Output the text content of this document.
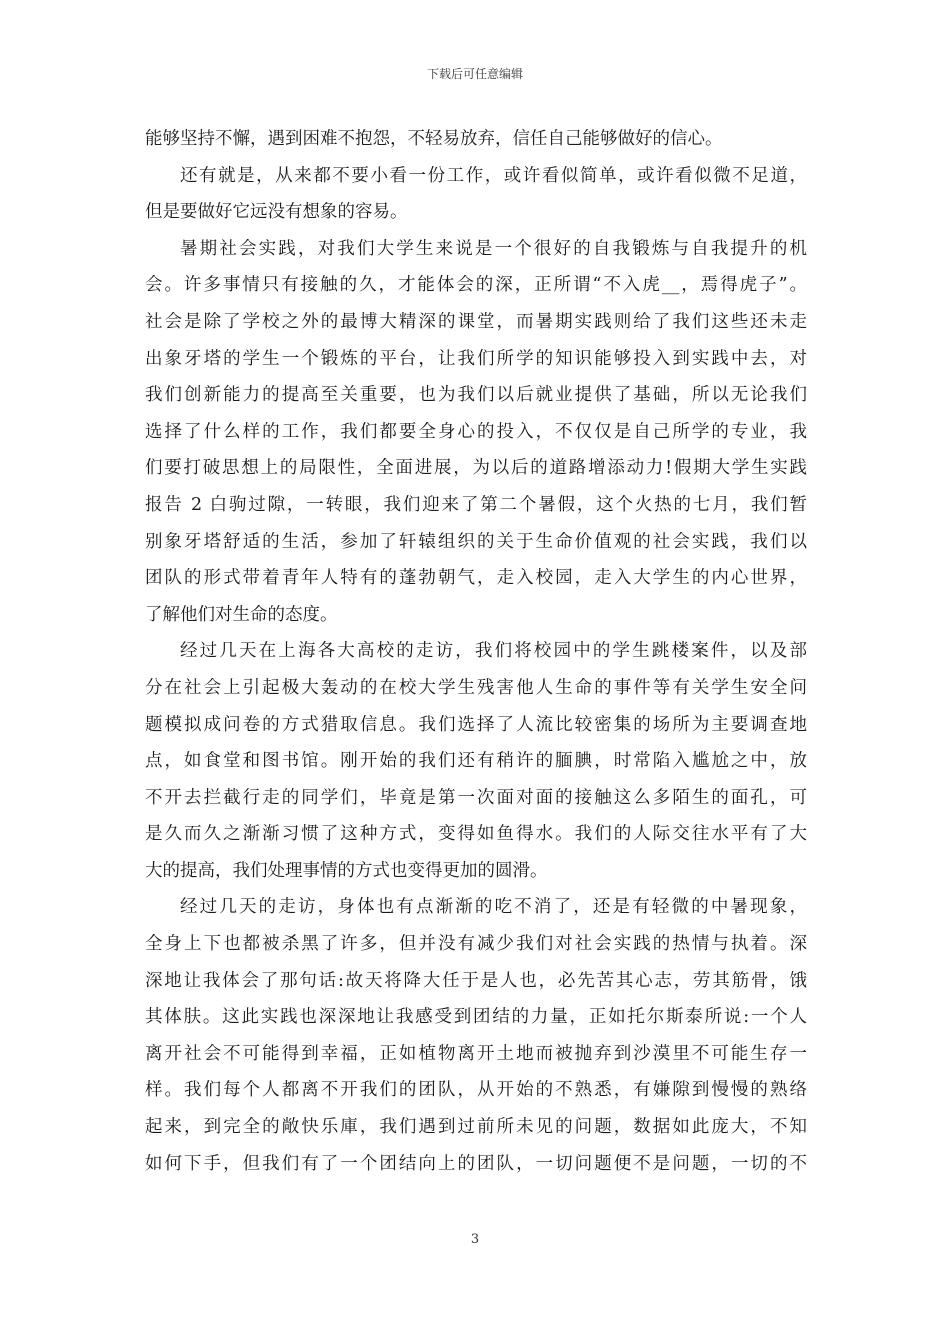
下载后可任意编辑
能够坚持不懈，遇到困难不抱怨，不轻易放弃，信任自己能够做好的信心。
还有就是，从来都不要小看一份工作，或许看似简单，或许看似微不足道，
但是要做好它远没有想象的容易。
暑期社会实践，对我们大学生来说是一个很好的自我锻炼与自我提升的机
会。许多事情只有接触的久，才能体会的深，正所谓“不入虎__，焉得虎子”。
社会是除了学校之外的最博大精深的课堂，而暑期实践则给了我们这些还未走
出象牙塔的学生一个锻炼的平台，让我们所学的知识能够投入到实践中去，对
我们创新能力的提高至关重要，也为我们以后就业提供了基础，所以无论我们
选择了什么样的工作，我们都要全身心的投入，不仅仅是自己所学的专业，我
们要打破思想上的局限性，全面进展，为以后的道路增添动力!假期大学生实践
报告 2 白驹过隙，一转眼，我们迎来了第二个暑假，这个火热的七月，我们暂
别象牙塔舒适的生活，参加了轩辕组织的关于生命价值观的社会实践，我们以
团队的形式带着青年人特有的蓬勃朝气，走入校园，走入大学生的内心世界，
了解他们对生命的态度。
经过几天在上海各大高校的走访，我们将校园中的学生跳楼案件，以及部
分在社会上引起极大轰动的在校大学生残害他人生命的事件等有关学生安全问
题模拟成问卷的方式猎取信息。我们选择了人流比较密集的场所为主要调查地
点，如食堂和图书馆。刚开始的我们还有稍许的腼腆，时常陷入尴尬之中，放
不开去拦截行走的同学们，毕竟是第一次面对面的接触这么多陌生的面孔，可
是久而久之渐渐习惯了这种方式，变得如鱼得水。我们的人际交往水平有了大
大的提高，我们处理事情的方式也变得更加的圆滑。
经过几天的走访，身体也有点渐渐的吃不消了，还是有轻微的中暑现象，
全身上下也都被杀黑了许多，但并没有减少我们对社会实践的热情与执着。深
深地让我体会了那句话:故天将降大任于是人也，必先苦其心志，劳其筋骨，饿
其体肤。这此实践也深深地让我感受到团结的力量，正如托尔斯泰所说:一个人
离开社会不可能得到幸福，正如植物离开土地而被抛弃到沙漠里不可能生存一
样。我们每个人都离不开我们的团队，从开始的不熟悉，有嫌隙到慢慢的熟络
起来，到完全的敞快乐庫，我们遇到过前所未见的问题，数据如此庞大，不知
如何下手，但我们有了一个团结向上的团队，一切问题便不是问题，一切的不
3
